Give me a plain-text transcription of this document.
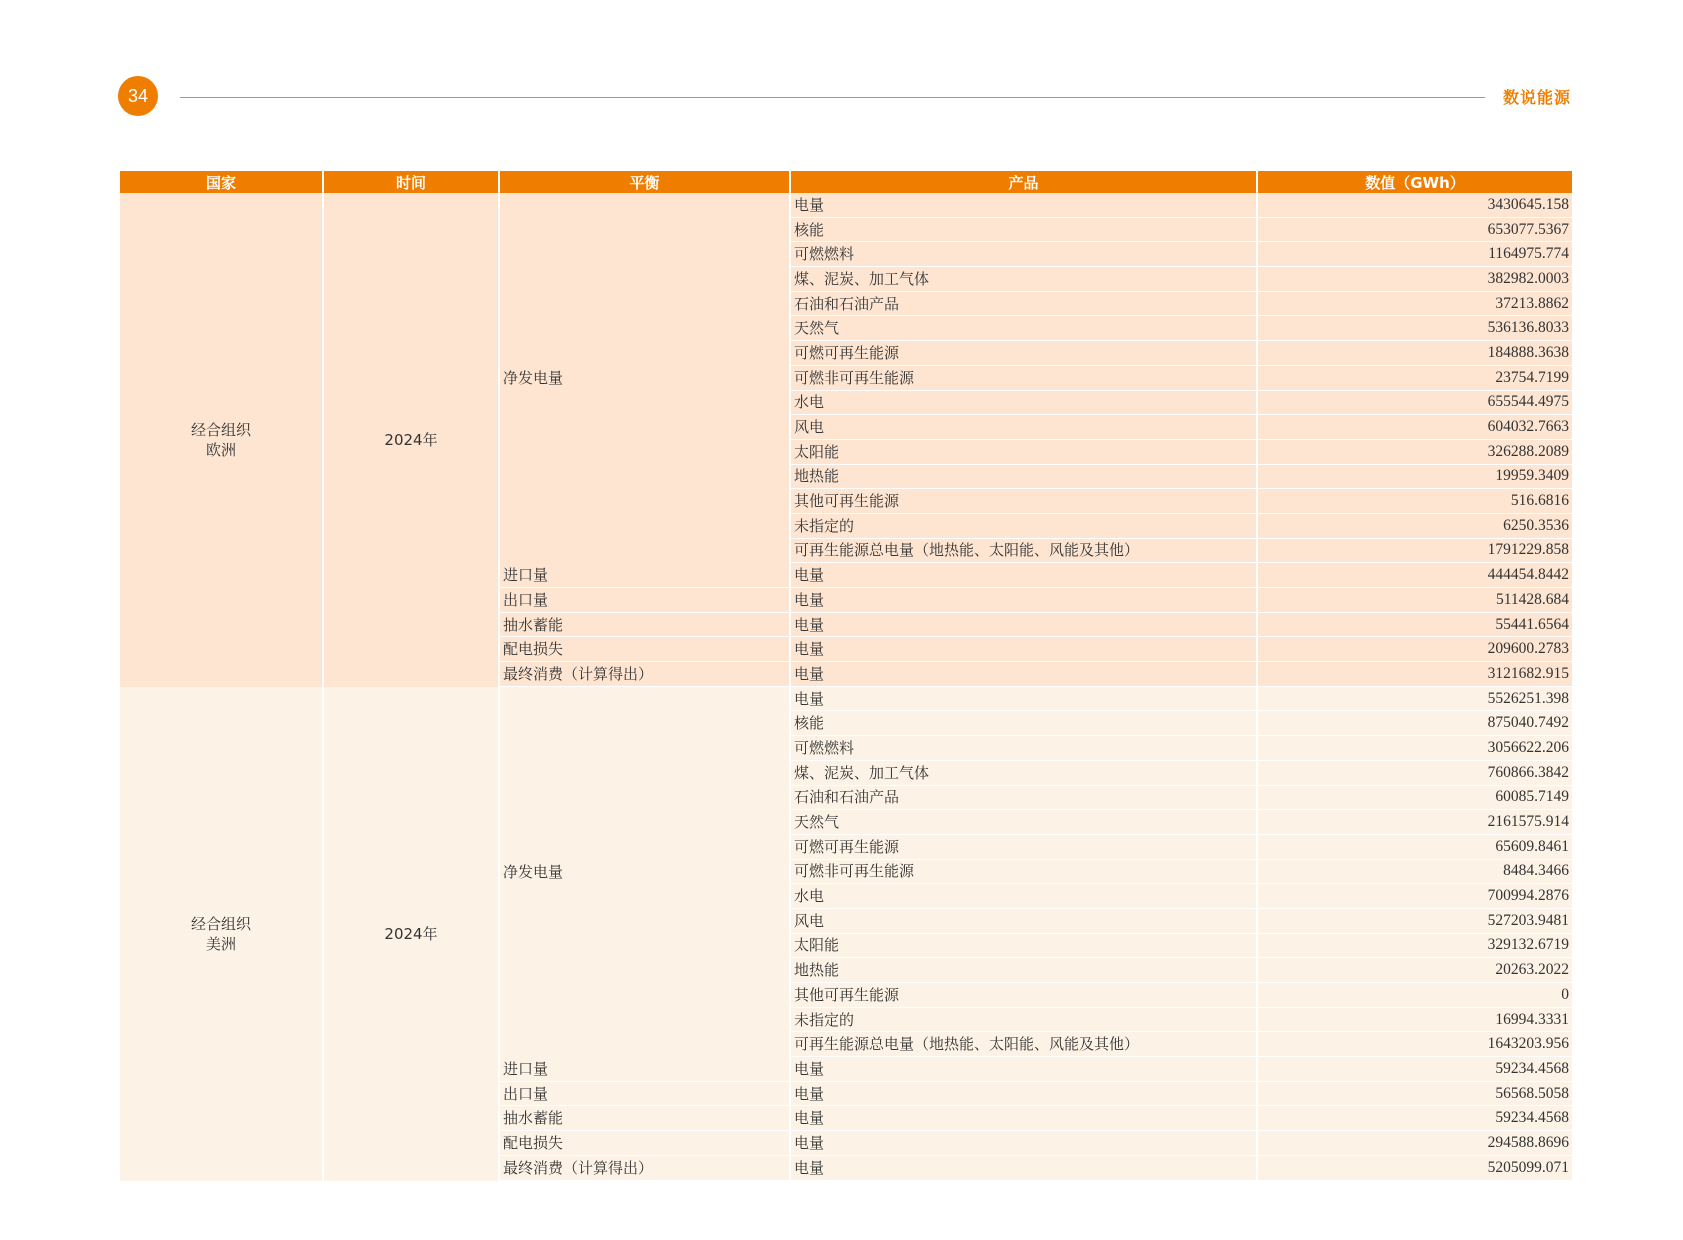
34	数说能源
国家	时间	平衡	产品	数值（GWh）

经合组织
欧洲	2024年	净发电量	电量	3430645.158
			核能	653077.5367
			可燃燃料	1164975.774
			煤、泥炭、加工气体	382982.0003
			石油和石油产品	37213.8862
			天然气	536136.8033
			可燃可再生能源	184888.3638
			可燃非可再生能源	23754.7199
			水电	655544.4975
			风电	604032.7663
			太阳能	326288.2089
			地热能	19959.3409
			其他可再生能源	516.6816
			未指定的	6250.3536
			可再生能源总电量（地热能、太阳能、风能及其他）	1791229.858
		进口量	电量	444454.8442
		出口量	电量	511428.684
		抽水蓄能	电量	55441.6564
		配电损失	电量	209600.2783
		最终消费（计算得出）	电量	3121682.915

经合组织
美洲	2024年	净发电量	电量	5526251.398
			核能	875040.7492
			可燃燃料	3056622.206
			煤、泥炭、加工气体	760866.3842
			石油和石油产品	60085.7149
			天然气	2161575.914
			可燃可再生能源	65609.8461
			可燃非可再生能源	8484.3466
			水电	700994.2876
			风电	527203.9481
			太阳能	329132.6719
			地热能	20263.2022
			其他可再生能源	0
			未指定的	16994.3331
			可再生能源总电量（地热能、太阳能、风能及其他）	1643203.956
		进口量	电量	59234.4568
		出口量	电量	56568.5058
		抽水蓄能	电量	59234.4568
		配电损失	电量	294588.8696
		最终消费（计算得出）	电量	5205099.071
